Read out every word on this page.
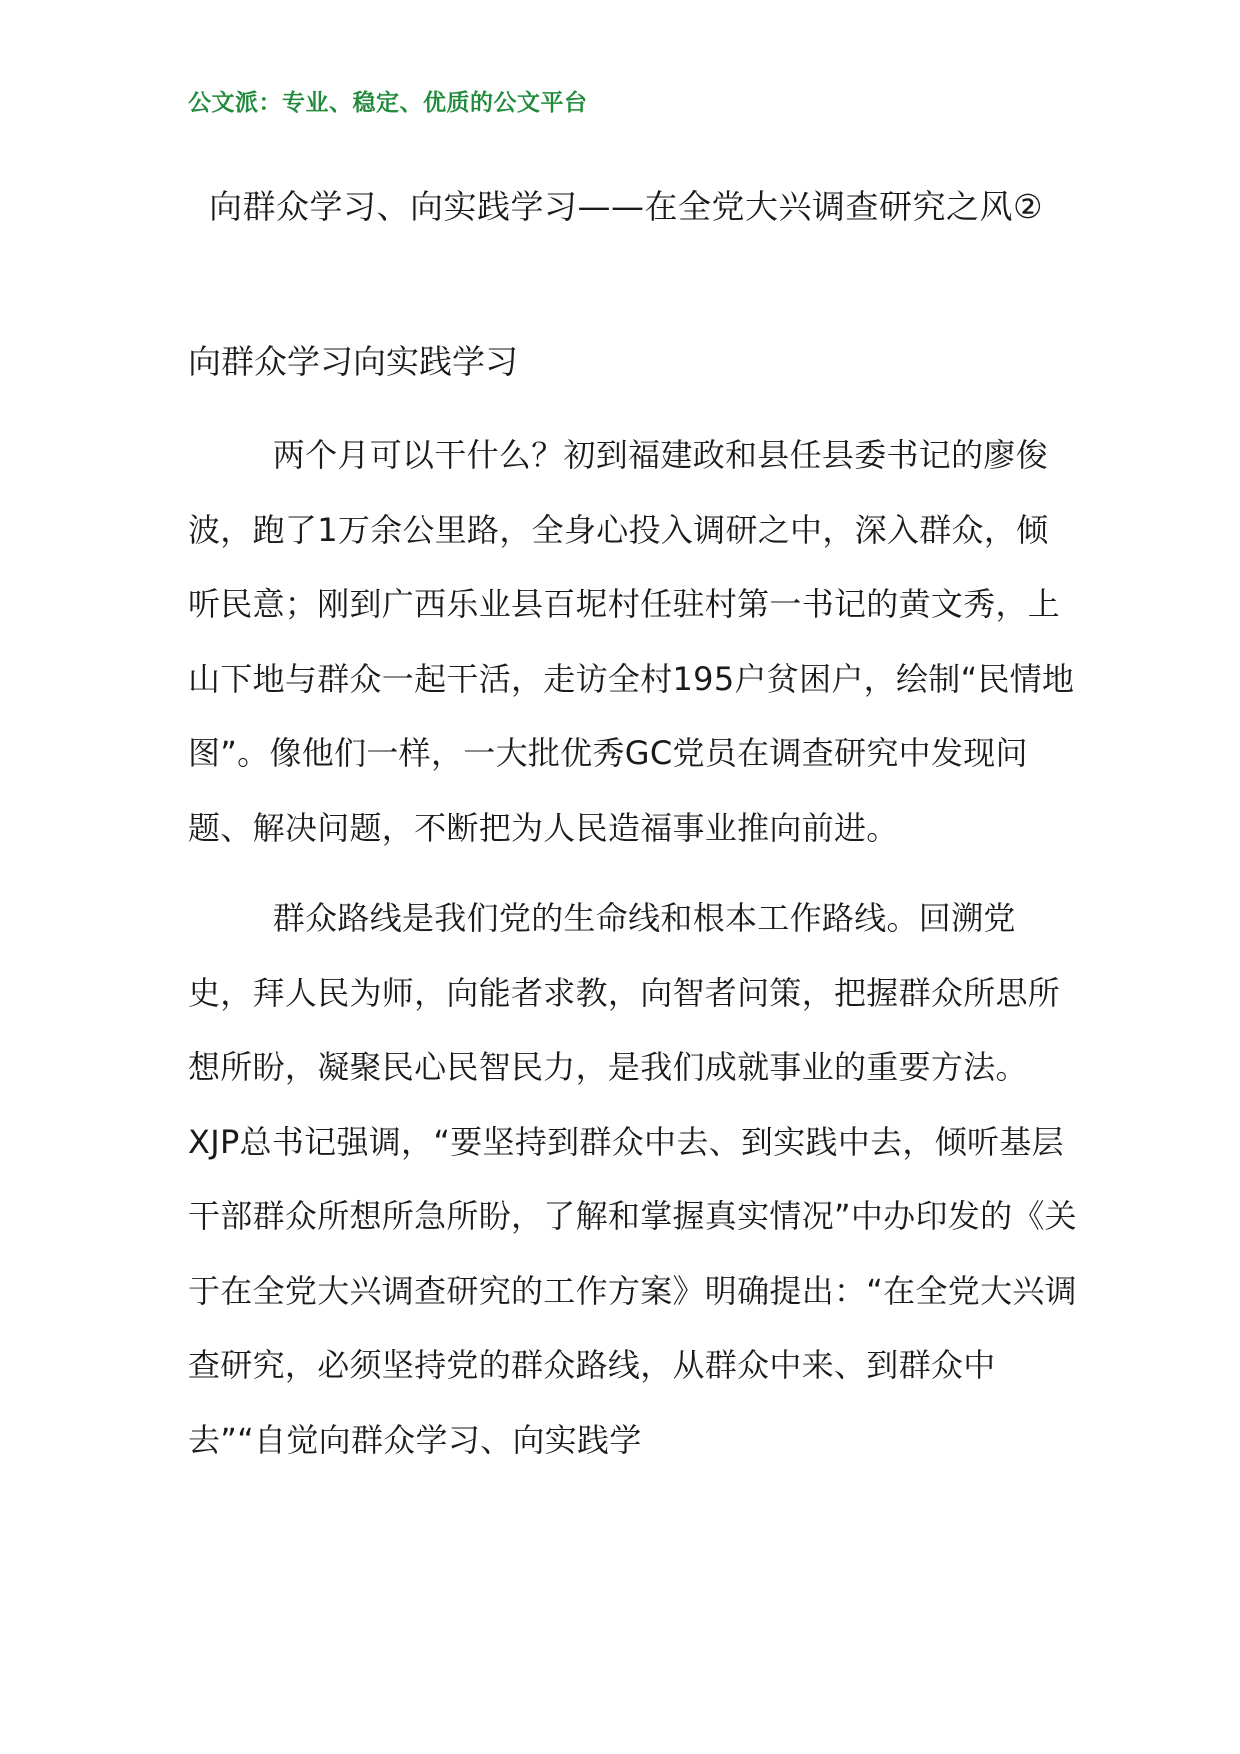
公文派：专业、稳定、优质的公文平台
向群众学习、向实践学习——在全党大兴调查研究之风②
向群众学习向实践学习

两个月可以干什么？初到福建政和县任县委书记的廖俊波，跑了1万余公里路，全身心投入调研之中，深入群众，倾听民意；刚到广西乐业县百坭村任驻村第一书记的黄文秀，上山下地与群众一起干活，走访全村195户贫困户，绘制“民情地图”。像他们一样，一大批优秀GC党员在调查研究中发现问题、解决问题，不断把为人民造福事业推向前进。

群众路线是我们党的生命线和根本工作路线。回溯党史，拜人民为师，向能者求教，向智者问策，把握群众所思所想所盼，凝聚民心民智民力，是我们成就事业的重要方法。XJP总书记强调，“要坚持到群众中去、到实践中去，倾听基层干部群众所想所急所盼，了解和掌握真实情况”中办印发的《关于在全党大兴调查研究的工作方案》明确提出：“在全党大兴调查研究，必须坚持党的群众路线，从群众中来、到群众中去”“自觉向群众学习、向实践学
